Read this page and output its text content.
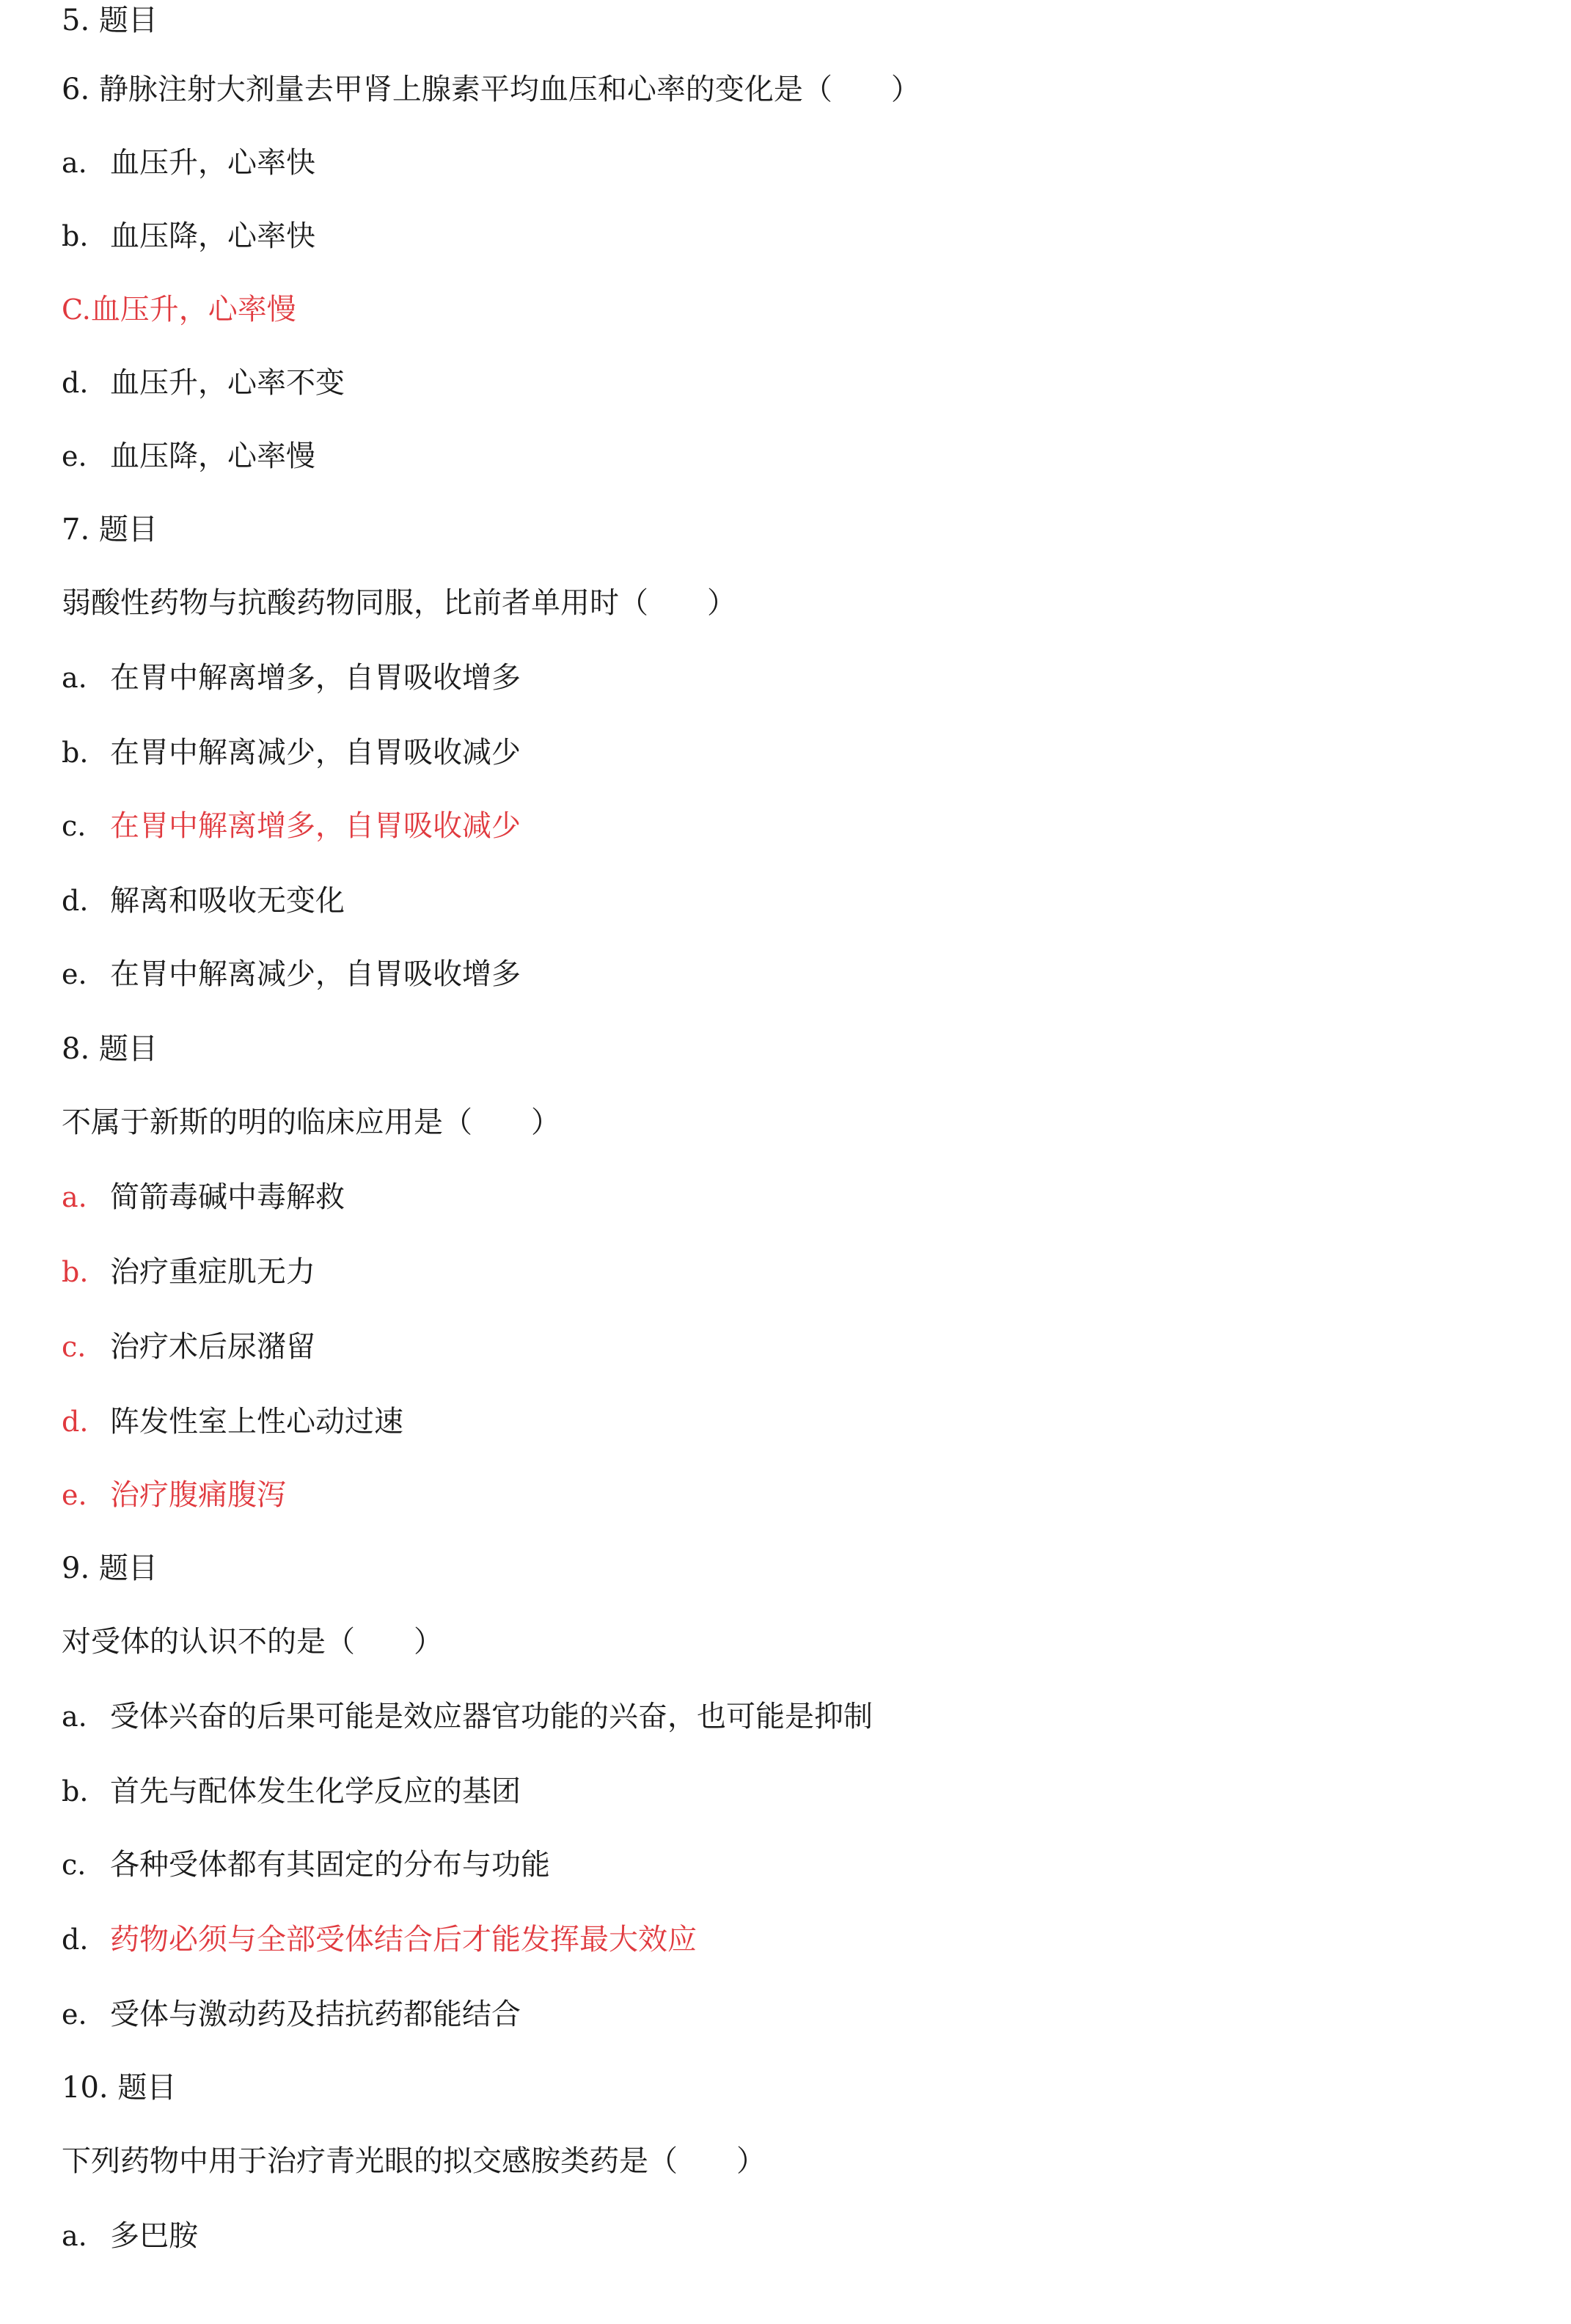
5. 题目
6. 静脉注射大剂量去甲肾上腺素平均血压和心率的变化是（　　）
a. 血压升，心率快
b. 血压降，心率快
C.血压升，心率慢
d. 血压升，心率不变
e. 血压降，心率慢
7. 题目
弱酸性药物与抗酸药物同服，比前者单用时（　　）
a. 在胃中解离增多，自胃吸收增多
b. 在胃中解离减少，自胃吸收减少
c. 在胃中解离增多，自胃吸收减少
d. 解离和吸收无变化
e. 在胃中解离减少，自胃吸收增多
8. 题目
不属于新斯的明的临床应用是（　　）
a. 简箭毒碱中毒解救
b. 治疗重症肌无力
c. 治疗术后尿潴留
d. 阵发性室上性心动过速
e. 治疗腹痛腹泻
9. 题目
对受体的认识不的是（　　）
a. 受体兴奋的后果可能是效应器官功能的兴奋，也可能是抑制
b. 首先与配体发生化学反应的基团
c. 各种受体都有其固定的分布与功能
d. 药物必须与全部受体结合后才能发挥最大效应
e. 受体与激动药及拮抗药都能结合
10. 题目
下列药物中用于治疗青光眼的拟交感胺类药是（　　）
a. 多巴胺
